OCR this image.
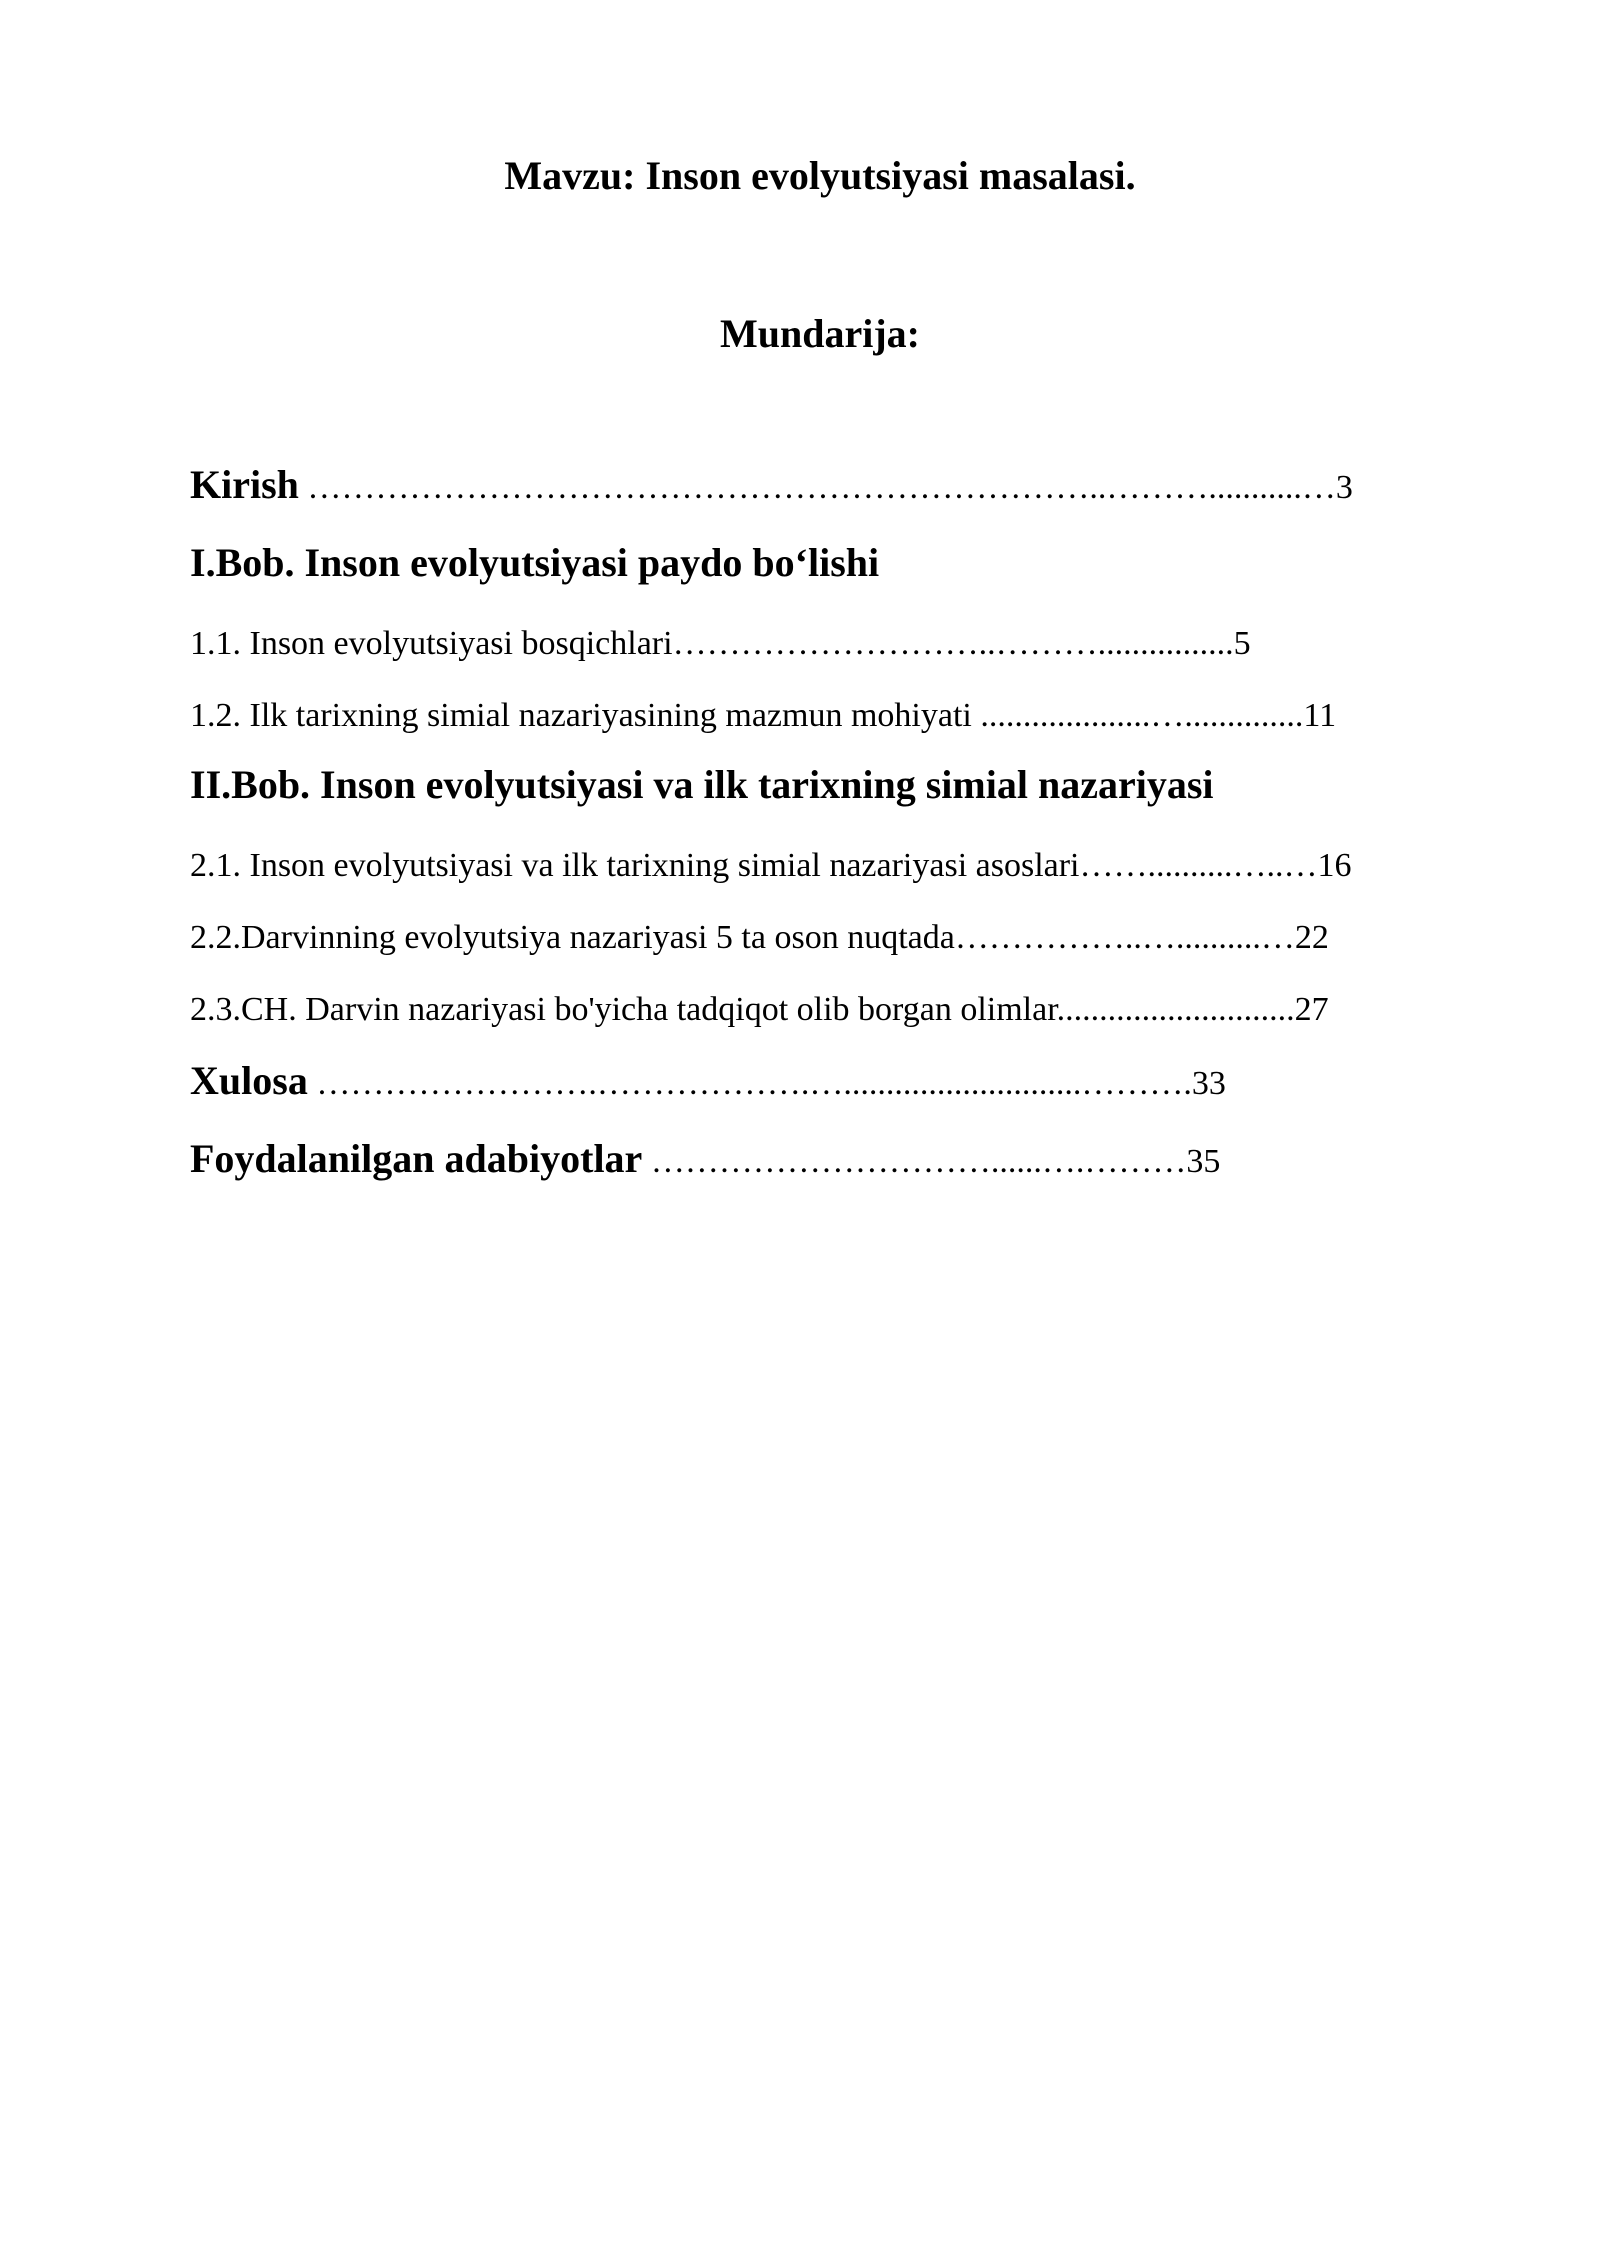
Mavzu: Inson evolyutsiyasi masalasi.
Mundarija:
Kirish ……………………………………………………………..………...........…3
I.Bob. Inson evolyutsiyasi paydo bo‘lishi
1.1. Inson evolyutsiyasi bosqichlari………………………..………................5
1.2. Ilk tarixning simial nazariyasining mazmun mohiyati ....................…..............11
II.Bob. Inson evolyutsiyasi va ilk tarixning simial nazariyasi
2.1. Inson evolyutsiyasi va ilk tarixning simial nazariyasi asoslari……..........…..…16
2.2.Darvinning evolyutsiya nazariyasi 5 ta oson nuqtada……………..…..........…22
2.3.CH. Darvin nazariyasi bo'yicha tadqiqot olib borgan olimlar............................27
Xulosa …………………….……………….…............................……….33
Foydalanilgan adabiyotlar …………………………......….………35
